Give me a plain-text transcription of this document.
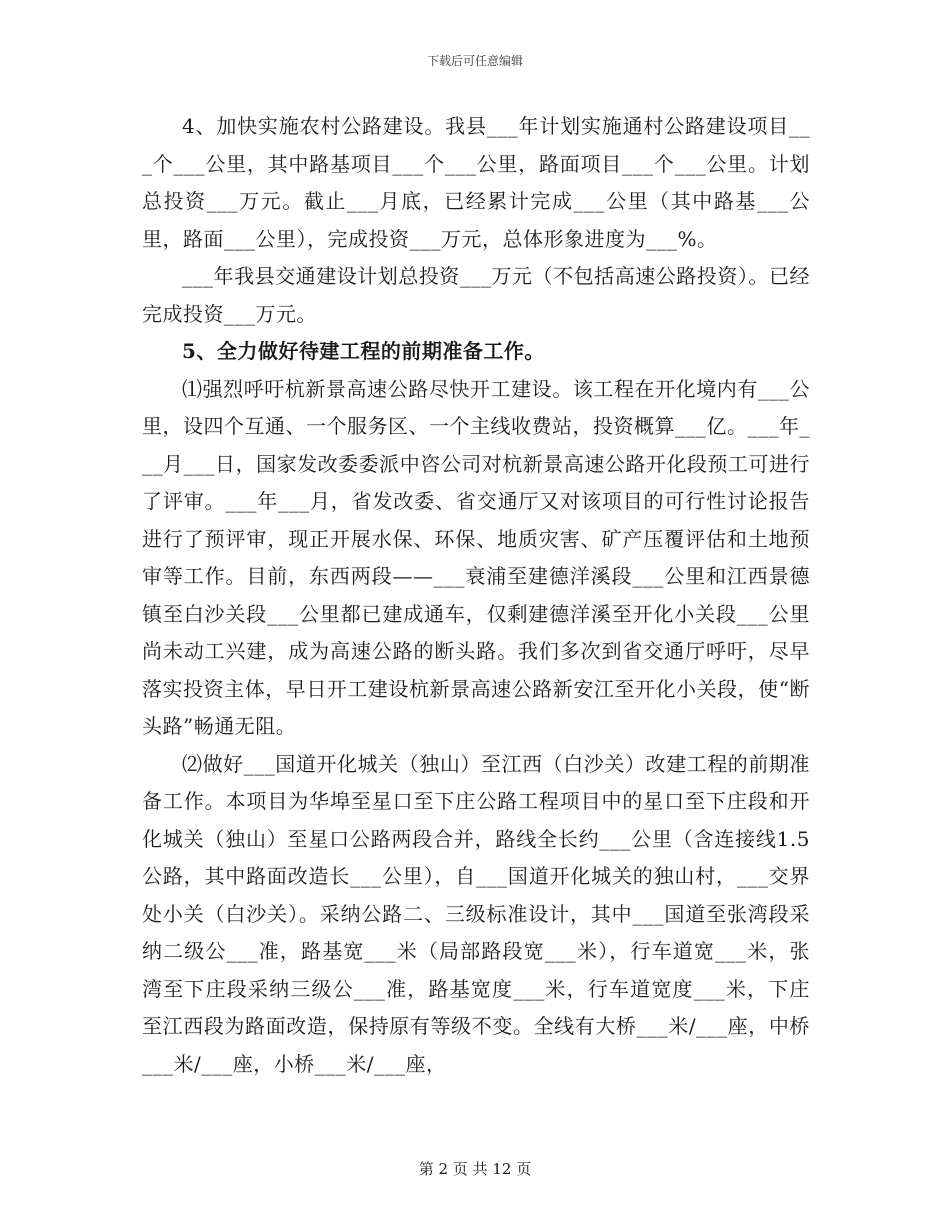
下载后可任意编辑

4、加快实施农村公路建设。我县___年计划实施通村公路建设项目___个___公里，其中路基项目___个___公里，路面项目___个___公里。计划总投资___万元。截止___月底，已经累计完成___公里（其中路基___公里，路面___公里），完成投资___万元，总体形象进度为___%。

___年我县交通建设计划总投资___万元（不包括高速公路投资）。已经完成投资___万元。

5、全力做好待建工程的前期准备工作。

⑴强烈呼吁杭新景高速公路尽快开工建设。该工程在开化境内有___公里，设四个互通、一个服务区、一个主线收费站，投资概算___亿。___年___月___日，国家发改委委派中咨公司对杭新景高速公路开化段预工可进行了评审。___年___月，省发改委、省交通厅又对该项目的可行性讨论报告进行了预评审，现正开展水保、环保、地质灾害、矿产压覆评估和土地预审等工作。目前，东西两段——___衰浦至建德洋溪段___公里和江西景德镇至白沙关段___公里都已建成通车，仅剩建德洋溪至开化小关段___公里尚未动工兴建，成为高速公路的断头路。我们多次到省交通厅呼吁，尽早落实投资主体，早日开工建设杭新景高速公路新安江至开化小关段，使“断头路”畅通无阻。

⑵做好___国道开化城关（独山）至江西（白沙关）改建工程的前期准备工作。本项目为华埠至星口至下庄公路工程项目中的星口至下庄段和开化城关（独山）至星口公路两段合并，路线全长约___公里（含连接线1.5公路，其中路面改造长___公里），自___国道开化城关的独山村，___交界处小关（白沙关）。采纳公路二、三级标准设计，其中___国道至张湾段采纳二级公___准，路基宽___米（局部路段宽___米），行车道宽___米，张湾至下庄段采纳三级公___准，路基宽度___米，行车道宽度___米，下庄至江西段为路面改造，保持原有等级不变。全线有大桥___米/___座，中桥___米/___座，小桥___米/___座，

第 2 页 共 12 页
